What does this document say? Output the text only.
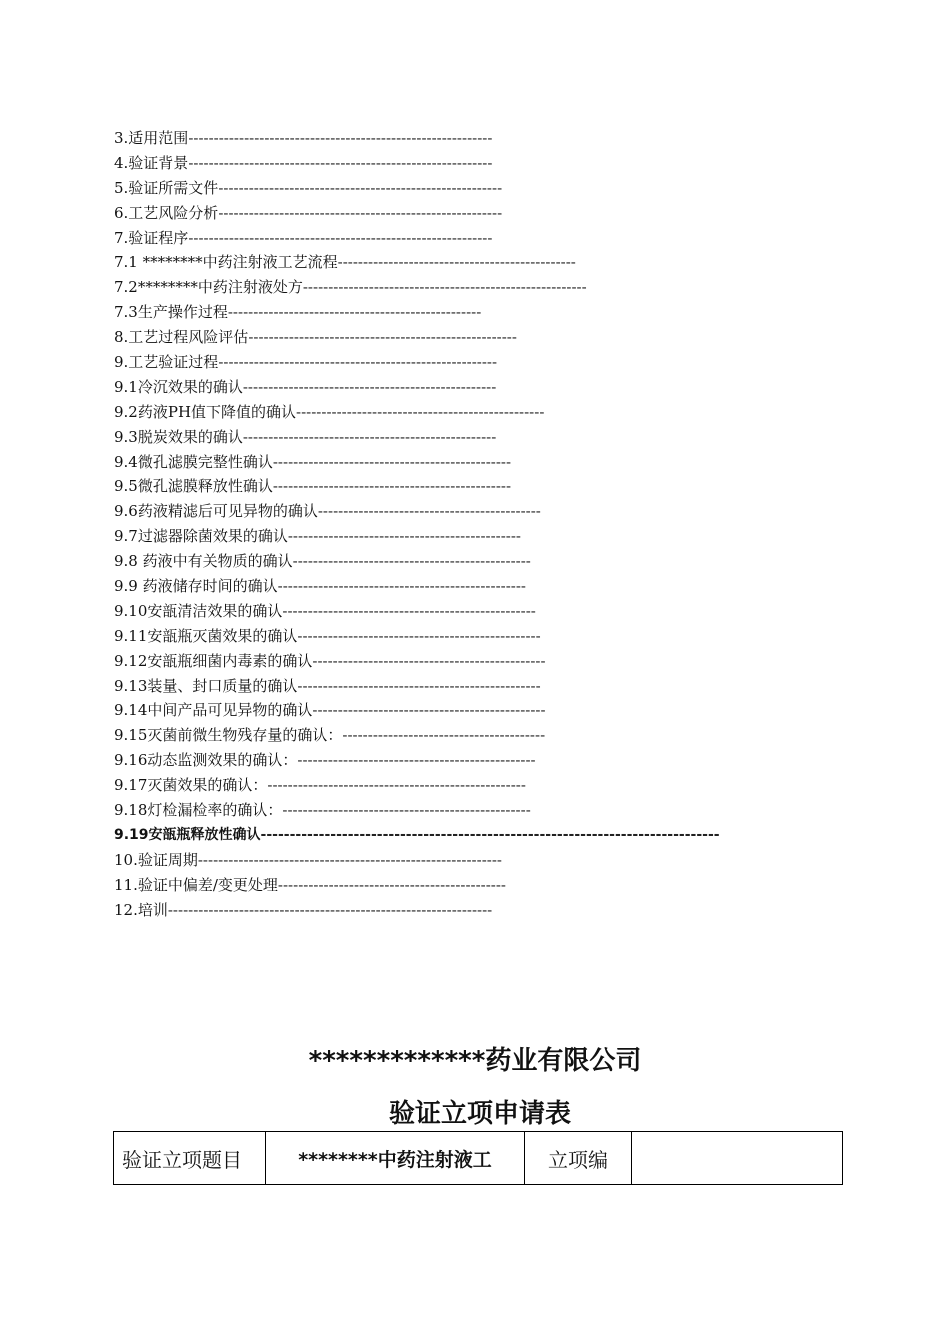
3.适用范围------------------------------------------------------------
4.验证背景------------------------------------------------------------
5.验证所需文件--------------------------------------------------------
6.工艺风险分析--------------------------------------------------------
7.验证程序------------------------------------------------------------
7.1 ********中药注射液工艺流程-----------------------------------------------
7.2********中药注射液处方--------------------------------------------------------
7.3生产操作过程--------------------------------------------------
8.工艺过程风险评估-----------------------------------------------------
9.工艺验证过程-------------------------------------------------------
9.1冷沉效果的确认--------------------------------------------------
9.2药液PH值下降值的确认-------------------------------------------------
9.3脱炭效果的确认--------------------------------------------------
9.4微孔滤膜完整性确认-----------------------------------------------
9.5微孔滤膜释放性确认-----------------------------------------------
9.6药液精滤后可见异物的确认--------------------------------------------
9.7过滤器除菌效果的确认----------------------------------------------
9.8 药液中有关物质的确认-----------------------------------------------
9.9 药液储存时间的确认-------------------------------------------------
9.10安瓿清洁效果的确认--------------------------------------------------
9.11安瓿瓶灭菌效果的确认------------------------------------------------
9.12安瓿瓶细菌内毒素的确认----------------------------------------------
9.13装量、封口质量的确认------------------------------------------------
9.14中间产品可见异物的确认----------------------------------------------
9.15灭菌前微生物残存量的确认：----------------------------------------
9.16动态监测效果的确认：-----------------------------------------------
9.17灭菌效果的确认：---------------------------------------------------
9.18灯检漏检率的确认：-------------------------------------------------
9.19安瓿瓶释放性确认-------------------------------------------------------------------------------
10.验证周期------------------------------------------------------------
11.验证中偏差/变更处理---------------------------------------------
12.培训----------------------------------------------------------------
*************药业有限公司
验证立项申请表
验证立项题目	********中药注射液工	立项编	
